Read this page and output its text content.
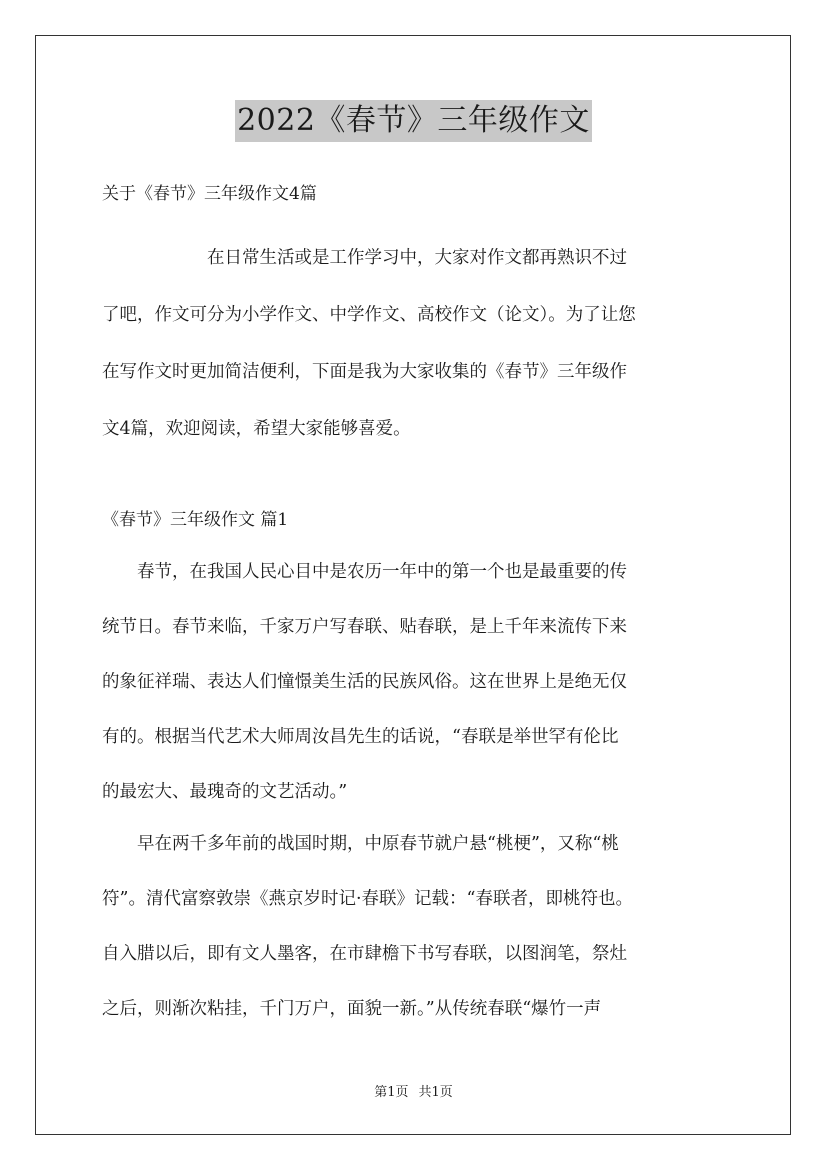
2022《春节》三年级作文
关于《春节》三年级作文4篇

　　　　　　在日常生活或是工作学习中，大家对作文都再熟识不过
了吧，作文可分为小学作文、中学作文、高校作文（论文）。为了让您
在写作文时更加简洁便利，下面是我为大家收集的《春节》三年级作
文4篇，欢迎阅读，希望大家能够喜爱。

《春节》三年级作文 篇1

　　春节，在我国人民心目中是农历一年中的第一个也是最重要的传
统节日。春节来临，千家万户写春联、贴春联，是上千年来流传下来
的象征祥瑞、表达人们憧憬美生活的民族风俗。这在世界上是绝无仅
有的。根据当代艺术大师周汝昌先生的话说，“春联是举世罕有伦比
的最宏大、最瑰奇的文艺活动。”

　　早在两千多年前的战国时期，中原春节就户悬“桃梗”，又称“桃
符”。清代富察敦崇《燕京岁时记·春联》记载：“春联者，即桃符也。
自入腊以后，即有文人墨客，在市肆檐下书写春联，以图润笔，祭灶
之后，则渐次粘挂，千门万户，面貌一新。”从传统春联“爆竹一声

第1页 共1页
